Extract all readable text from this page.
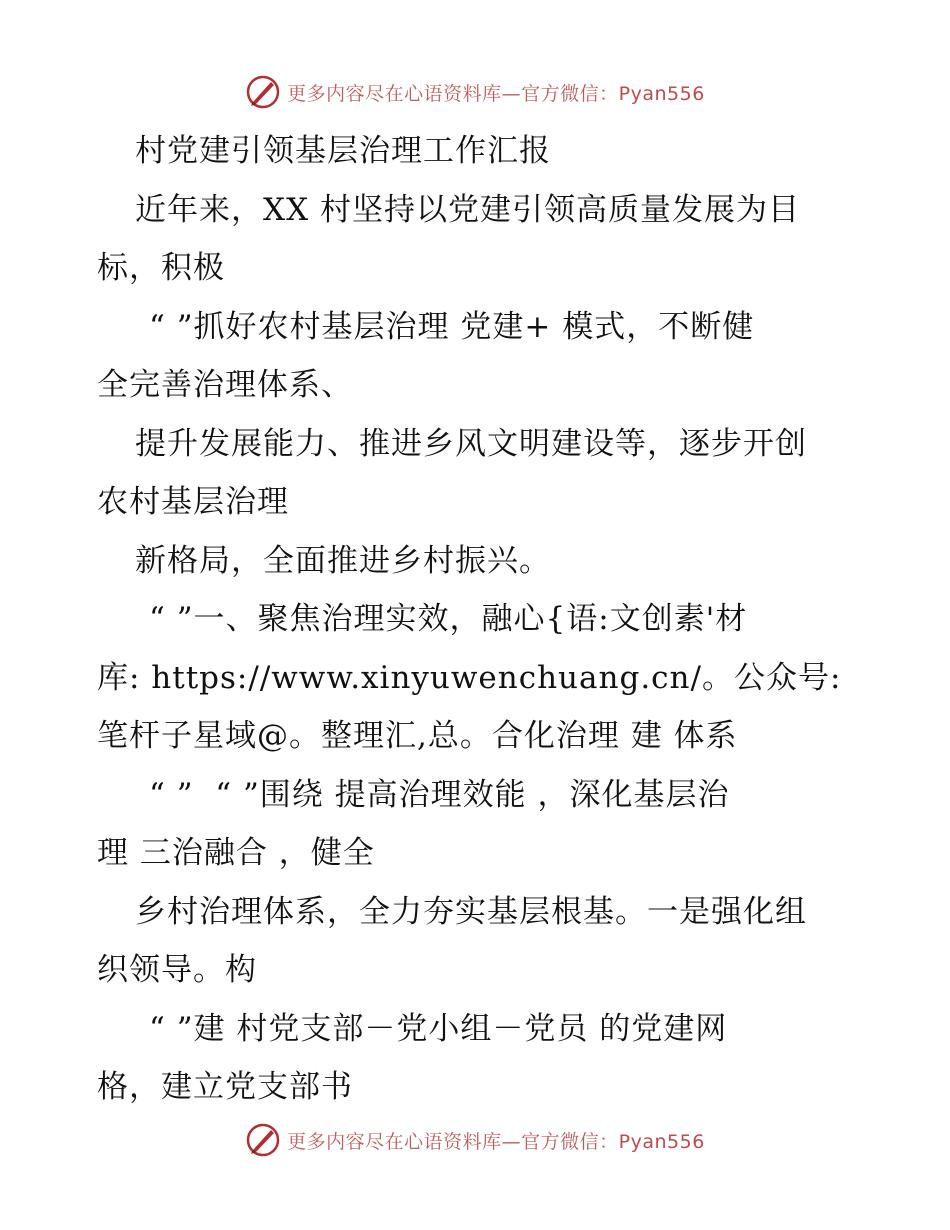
更多内容尽在心语资料库—官方微信：Pyan556
村党建引领基层治理工作汇报
近年来，XX 村坚持以党建引领高质量发展为目
标，积极
“ ”抓好农村基层治理 党建+ 模式，不断健
全完善治理体系、
提升发展能力、推进乡风文明建设等，逐步开创
农村基层治理
新格局，全面推进乡村振兴。
“ ”一、聚焦治理实效，融心{语:文创素'材
库: https://www.xinyuwenchuang.cn/。公众号:
笔杆子星域@。整理汇,总。合化治理 建 体系
“ ”  “ ”围绕 提高治理效能 ，深化基层治
理 三治融合 ，健全
乡村治理体系，全力夯实基层根基。一是强化组
织领导。构
“ ”建 村党支部－党小组－党员 的党建网
格，建立党支部书
更多内容尽在心语资料库—官方微信：Pyan556
